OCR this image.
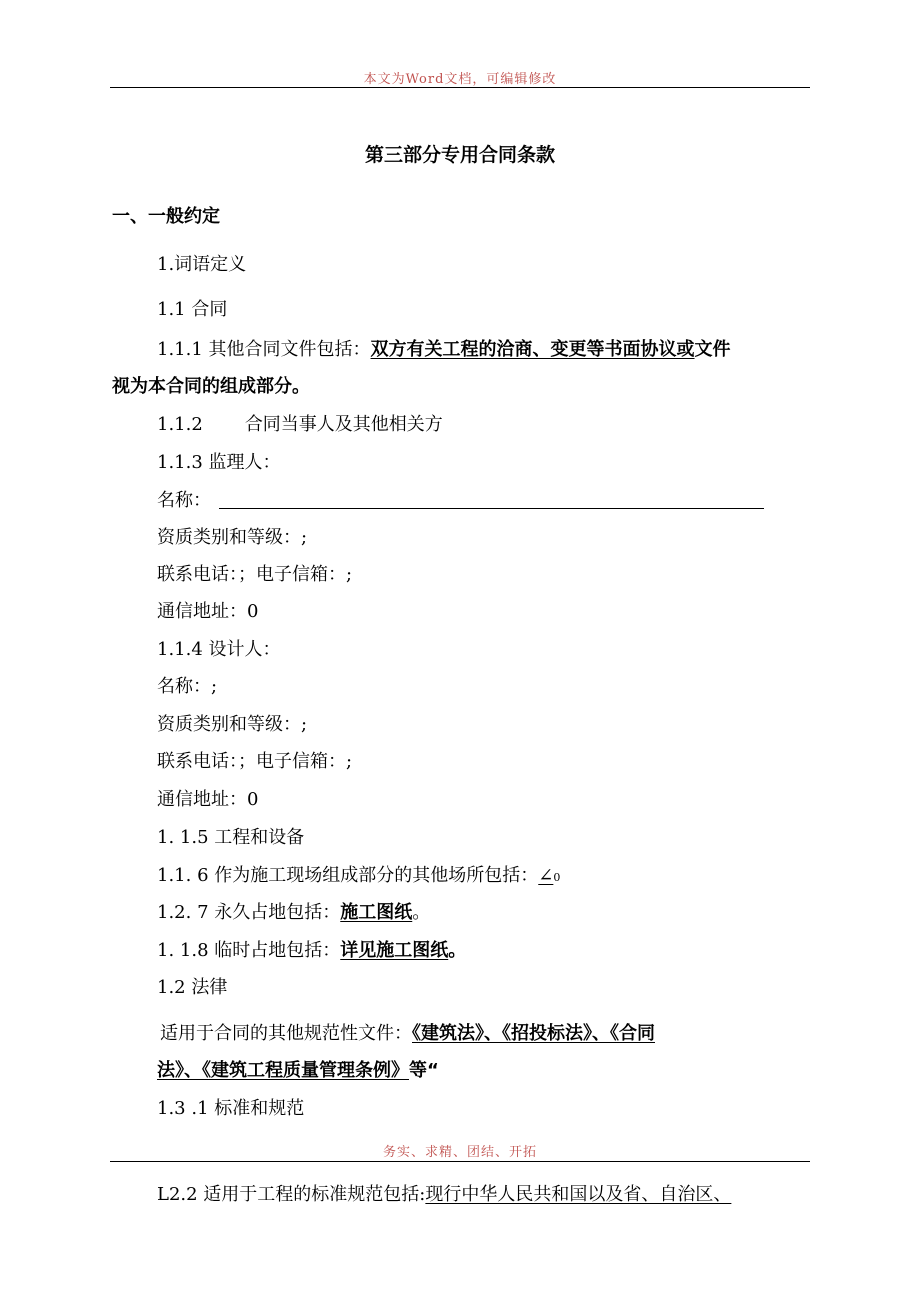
本文为Word文档，可编辑修改
第三部分专用合同条款
一、一般约定
1.词语定义
1.1 合同
1.1.1 其他合同文件包括：双方有关工程的洽商、变更等书面协议或文件
视为本合同的组成部分。
1.1.2 合同当事人及其他相关方
1.1.3 监理人：
名称：
资质类别和等级：;
联系电话：；电子信箱：;
通信地址：0
1.1.4 设计人：
名称：;
资质类别和等级：;
联系电话：；电子信箱：;
通信地址：0
1. 1.5 工程和设备
1.1. 6 作为施工现场组成部分的其他场所包括：∠0
1.2. 7 永久占地包括：施工图纸。
1. 1.8 临时占地包括：详见施工图纸。
1.2 法律
适用于合同的其他规范性文件：《建筑法》、《招投标法》、《合同
法》、《建筑工程质量管理条例》等“
1.3 .1 标准和规范
务实、求精、团结、开拓
L2.2 适用于工程的标准规范包括:现行中华人民共和国以及省、自治区、
